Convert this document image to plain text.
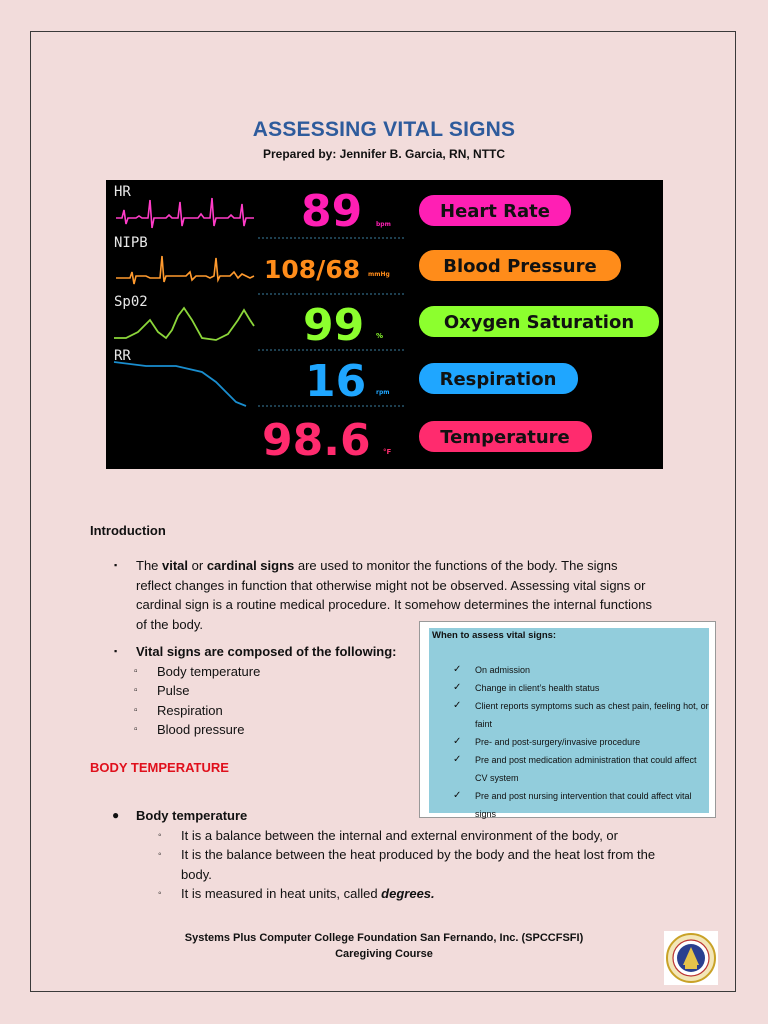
ASSESSING VITAL SIGNS
Prepared by: Jennifer B. Garcia, RN, NTTC
HR
NIPB
Sp02
RR
89 bpm
108/68 mmHg
99 %
16 rpm
98.6 °F
Heart Rate
Blood Pressure
Oxygen Saturation
Respiration
Temperature
Introduction
▪ The vital or cardinal signs are used to monitor the functions of the body. The signs reflect changes in function that otherwise might not be observed. Assessing vital signs or cardinal sign is a routine medical procedure. It somehow determines the internal functions of the body.
▪ Vital signs are composed of the following:
▫ Body temperature
▫ Pulse
▫ Respiration
▫ Blood pressure
When to assess vital signs:
✓ On admission
✓ Change in client’s health status
✓ Client reports symptoms such as chest pain, feeling hot, or faint
✓ Pre- and post-surgery/invasive procedure
✓ Pre and post medication administration that could affect CV system
✓ Pre and post nursing intervention that could affect vital signs
BODY TEMPERATURE
● Body temperature
◦ It is a balance between the internal and external environment of the body, or
◦ It is the balance between the heat produced by the body and the heat lost from the body.
◦ It is measured in heat units, called degrees.
Systems Plus Computer College Foundation San Fernando, Inc. (SPCCFSFI)
Caregiving Course
